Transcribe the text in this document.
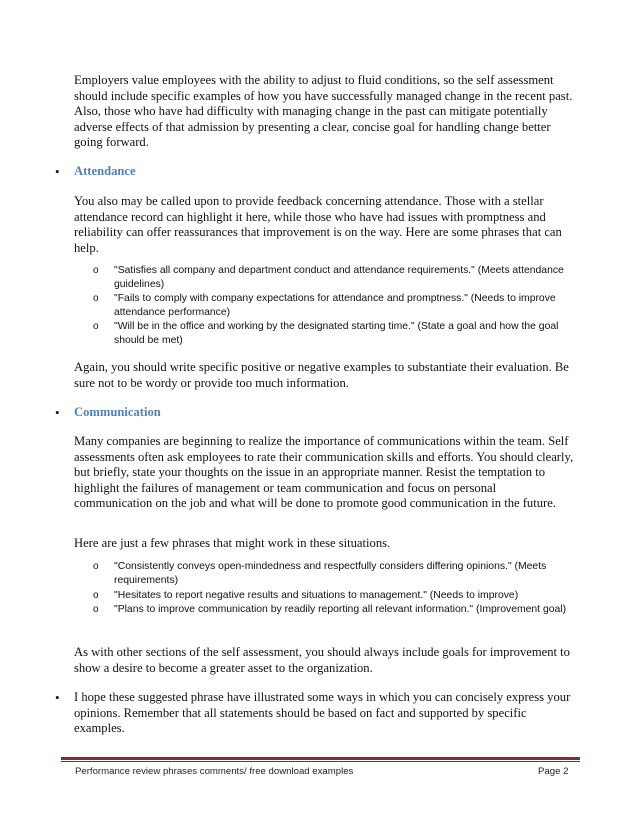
Employers value employees with the ability to adjust to fluid conditions, so the self assessment should include specific examples of how you have successfully managed change in the recent past. Also, those who have had difficulty with managing change in the past can mitigate potentially adverse effects of that admission by presenting a clear, concise goal for handling change better going forward.

• Attendance

You also may be called upon to provide feedback concerning attendance. Those with a stellar attendance record can highlight it here, while those who have had issues with promptness and reliability can offer reassurances that improvement is on the way. Here are some phrases that can help.

o "Satisfies all company and department conduct and attendance requirements." (Meets attendance guidelines)

o "Fails to comply with company expectations for attendance and promptness." (Needs to improve attendance performance)

o "Will be in the office and working by the designated starting time." (State a goal and how the goal should be met)

Again, you should write specific positive or negative examples to substantiate their evaluation. Be sure not to be wordy or provide too much information.

• Communication

Many companies are beginning to realize the importance of communications within the team. Self assessments often ask employees to rate their communication skills and efforts. You should clearly, but briefly, state your thoughts on the issue in an appropriate manner. Resist the temptation to highlight the failures of management or team communication and focus on personal communication on the job and what will be done to promote good communication in the future.

Here are just a few phrases that might work in these situations.

o "Consistently conveys open-mindedness and respectfully considers differing opinions." (Meets requirements)

o "Hesitates to report negative results and situations to management." (Needs to improve)

o "Plans to improve communication by readily reporting all relevant information." (Improvement goal)

As with other sections of the self assessment, you should always include goals for improvement to show a desire to become a greater asset to the organization.

• I hope these suggested phrase have illustrated some ways in which you can concisely express your opinions. Remember that all statements should be based on fact and supported by specific examples.

Performance review phrases comments/ free download examples	Page 2
